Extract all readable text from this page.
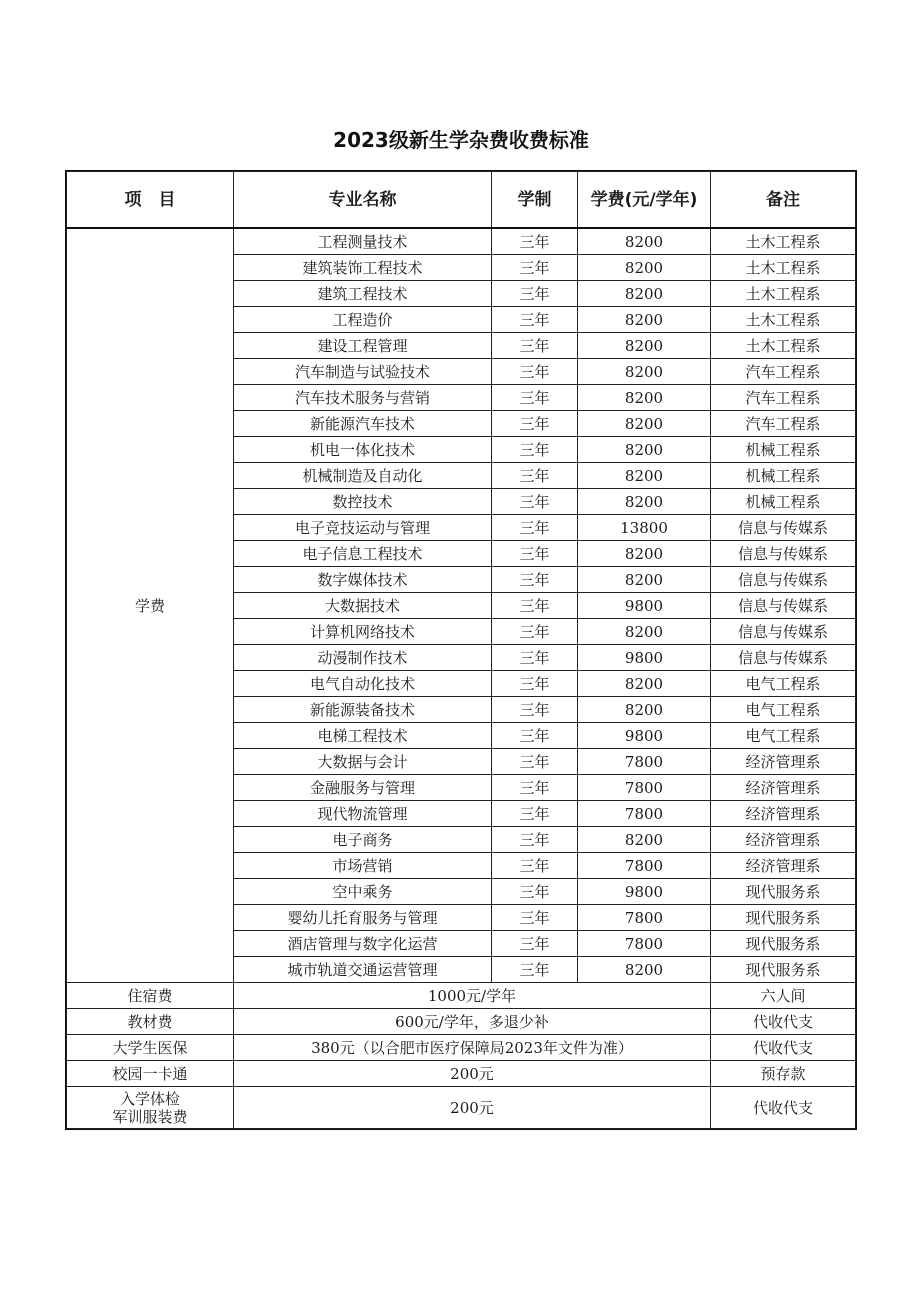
2023级新生学杂费收费标准
项　目	专业名称	学制	学费(元/学年)	备注
学费	工程测量技术	三年	8200	土木工程系
	建筑装饰工程技术	三年	8200	土木工程系
	建筑工程技术	三年	8200	土木工程系
	工程造价	三年	8200	土木工程系
	建设工程管理	三年	8200	土木工程系
	汽车制造与试验技术	三年	8200	汽车工程系
	汽车技术服务与营销	三年	8200	汽车工程系
	新能源汽车技术	三年	8200	汽车工程系
	机电一体化技术	三年	8200	机械工程系
	机械制造及自动化	三年	8200	机械工程系
	数控技术	三年	8200	机械工程系
	电子竞技运动与管理	三年	13800	信息与传媒系
	电子信息工程技术	三年	8200	信息与传媒系
	数字媒体技术	三年	8200	信息与传媒系
	大数据技术	三年	9800	信息与传媒系
	计算机网络技术	三年	8200	信息与传媒系
	动漫制作技术	三年	9800	信息与传媒系
	电气自动化技术	三年	8200	电气工程系
	新能源装备技术	三年	8200	电气工程系
	电梯工程技术	三年	9800	电气工程系
	大数据与会计	三年	7800	经济管理系
	金融服务与管理	三年	7800	经济管理系
	现代物流管理	三年	7800	经济管理系
	电子商务	三年	8200	经济管理系
	市场营销	三年	7800	经济管理系
	空中乘务	三年	9800	现代服务系
	婴幼儿托育服务与管理	三年	7800	现代服务系
	酒店管理与数字化运营	三年	7800	现代服务系
	城市轨道交通运营管理	三年	8200	现代服务系
住宿费	1000元/学年			六人间
教材费	600元/学年，多退少补			代收代支
大学生医保	380元（以合肥市医疗保障局2023年文件为准）			代收代支
校园一卡通	200元			预存款

入学体检
军训服装费	200元			代收代支
